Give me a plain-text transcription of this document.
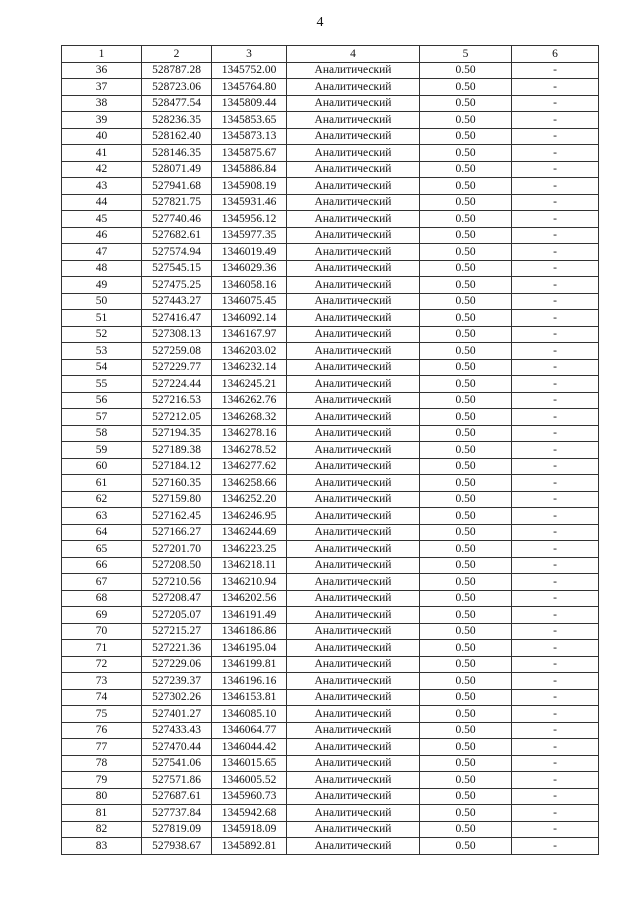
4
1	2	3	4	5	6
36	528787.28	1345752.00	Аналитический	0.50	-
37	528723.06	1345764.80	Аналитический	0.50	-
38	528477.54	1345809.44	Аналитический	0.50	-
39	528236.35	1345853.65	Аналитический	0.50	-
40	528162.40	1345873.13	Аналитический	0.50	-
41	528146.35	1345875.67	Аналитический	0.50	-
42	528071.49	1345886.84	Аналитический	0.50	-
43	527941.68	1345908.19	Аналитический	0.50	-
44	527821.75	1345931.46	Аналитический	0.50	-
45	527740.46	1345956.12	Аналитический	0.50	-
46	527682.61	1345977.35	Аналитический	0.50	-
47	527574.94	1346019.49	Аналитический	0.50	-
48	527545.15	1346029.36	Аналитический	0.50	-
49	527475.25	1346058.16	Аналитический	0.50	-
50	527443.27	1346075.45	Аналитический	0.50	-
51	527416.47	1346092.14	Аналитический	0.50	-
52	527308.13	1346167.97	Аналитический	0.50	-
53	527259.08	1346203.02	Аналитический	0.50	-
54	527229.77	1346232.14	Аналитический	0.50	-
55	527224.44	1346245.21	Аналитический	0.50	-
56	527216.53	1346262.76	Аналитический	0.50	-
57	527212.05	1346268.32	Аналитический	0.50	-
58	527194.35	1346278.16	Аналитический	0.50	-
59	527189.38	1346278.52	Аналитический	0.50	-
60	527184.12	1346277.62	Аналитический	0.50	-
61	527160.35	1346258.66	Аналитический	0.50	-
62	527159.80	1346252.20	Аналитический	0.50	-
63	527162.45	1346246.95	Аналитический	0.50	-
64	527166.27	1346244.69	Аналитический	0.50	-
65	527201.70	1346223.25	Аналитический	0.50	-
66	527208.50	1346218.11	Аналитический	0.50	-
67	527210.56	1346210.94	Аналитический	0.50	-
68	527208.47	1346202.56	Аналитический	0.50	-
69	527205.07	1346191.49	Аналитический	0.50	-
70	527215.27	1346186.86	Аналитический	0.50	-
71	527221.36	1346195.04	Аналитический	0.50	-
72	527229.06	1346199.81	Аналитический	0.50	-
73	527239.37	1346196.16	Аналитический	0.50	-
74	527302.26	1346153.81	Аналитический	0.50	-
75	527401.27	1346085.10	Аналитический	0.50	-
76	527433.43	1346064.77	Аналитический	0.50	-
77	527470.44	1346044.42	Аналитический	0.50	-
78	527541.06	1346015.65	Аналитический	0.50	-
79	527571.86	1346005.52	Аналитический	0.50	-
80	527687.61	1345960.73	Аналитический	0.50	-
81	527737.84	1345942.68	Аналитический	0.50	-
82	527819.09	1345918.09	Аналитический	0.50	-
83	527938.67	1345892.81	Аналитический	0.50	-
